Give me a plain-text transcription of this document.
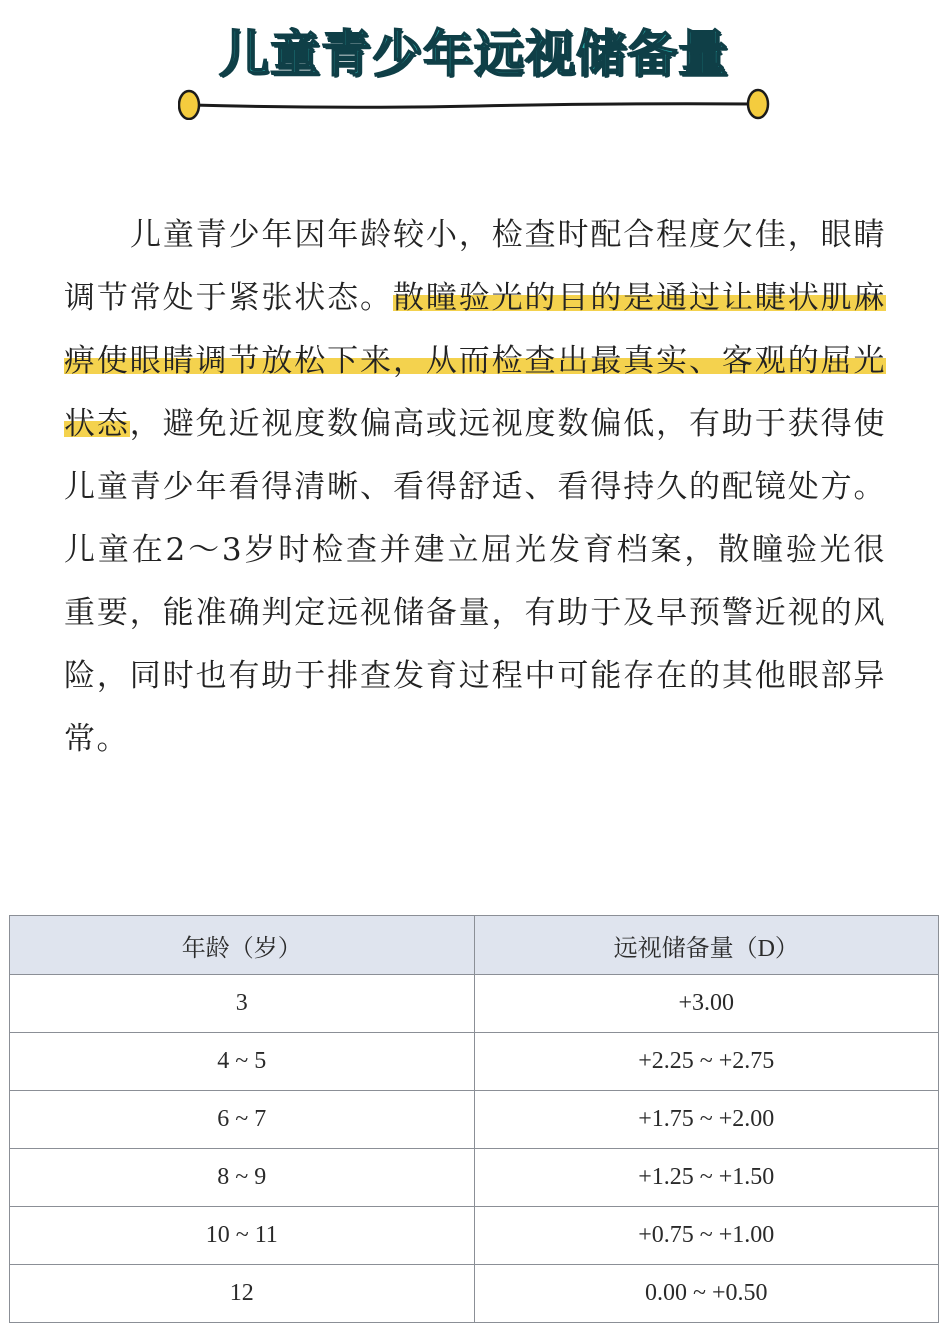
儿童青少年远视储备量

儿童青少年因年龄较小，检查时配合程度欠佳，眼睛调节常处于紧张状态。散瞳验光的目的是通过让睫状肌麻痹使眼睛调节放松下来，从而检查出最真实、客观的屈光状态，避免近视度数偏高或远视度数偏低，有助于获得使儿童青少年看得清晰、看得舒适、看得持久的配镜处方。儿童在2～3岁时检查并建立屈光发育档案，散瞳验光很重要，能准确判定远视储备量，有助于及早预警近视的风险，同时也有助于排查发育过程中可能存在的其他眼部异常。

年龄（岁）	远视储备量（D）
3	+3.00
4 ~ 5	+2.25 ~ +2.75
6 ~ 7	+1.75 ~ +2.00
8 ~ 9	+1.25 ~ +1.50
10 ~ 11	+0.75 ~ +1.00
12	0.00 ~ +0.50
